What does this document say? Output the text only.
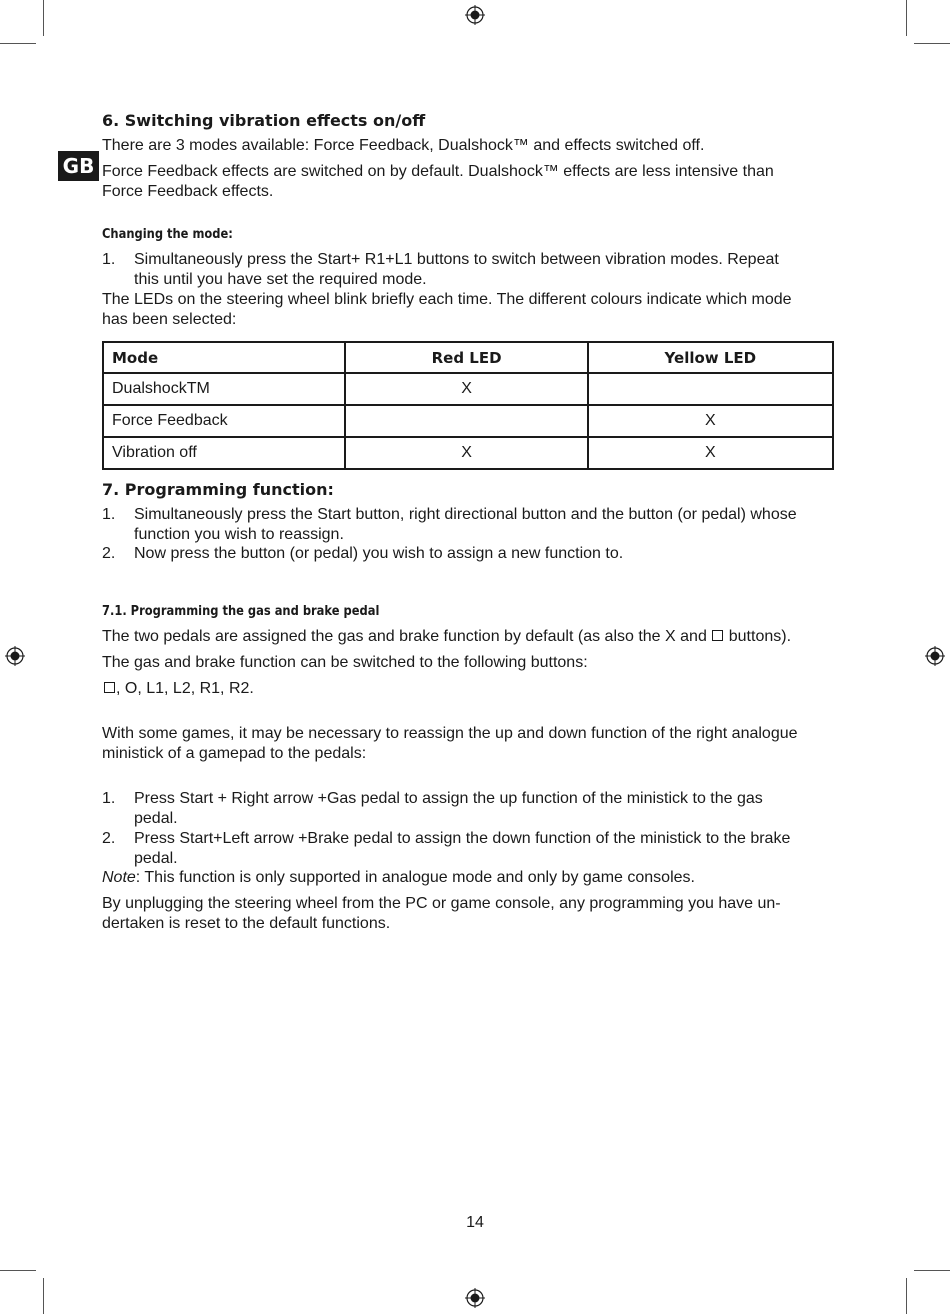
GB
6. Switching vibration effects on/off
There are 3 modes available: Force Feedback, Dualshock™ and effects switched off.
Force Feedback effects are switched on by default. Dualshock™ effects are less intensive than
Force Feedback effects.
Changing the mode:
1. Simultaneously press the Start+ R1+L1 buttons to switch between vibration modes. Repeat
this until you have set the required mode.
The LEDs on the steering wheel blink briefly each time. The different colours indicate which mode
has been selected:
Mode	Red LED	Yellow LED
DualshockTM	X	
Force Feedback		X
Vibration off	X	X
7. Programming function:
1. Simultaneously press the Start button, right directional button and the button (or pedal) whose
function you wish to reassign.
2. Now press the button (or pedal) you wish to assign a new function to.
7.1. Programming the gas and brake pedal
The two pedals are assigned the gas and brake function by default (as also the X and buttons).
The gas and brake function can be switched to the following buttons:
, O, L1, L2, R1, R2.
With some games, it may be necessary to reassign the up and down function of the right analogue
ministick of a gamepad to the pedals:
1. Press Start + Right arrow +Gas pedal to assign the up function of the ministick to the gas
pedal.
2. Press Start+Left arrow +Brake pedal to assign the down function of the ministick to the brake
pedal.
Note: This function is only supported in analogue mode and only by game consoles.
By unplugging the steering wheel from the PC or game console, any programming you have un-
dertaken is reset to the default functions.
14
